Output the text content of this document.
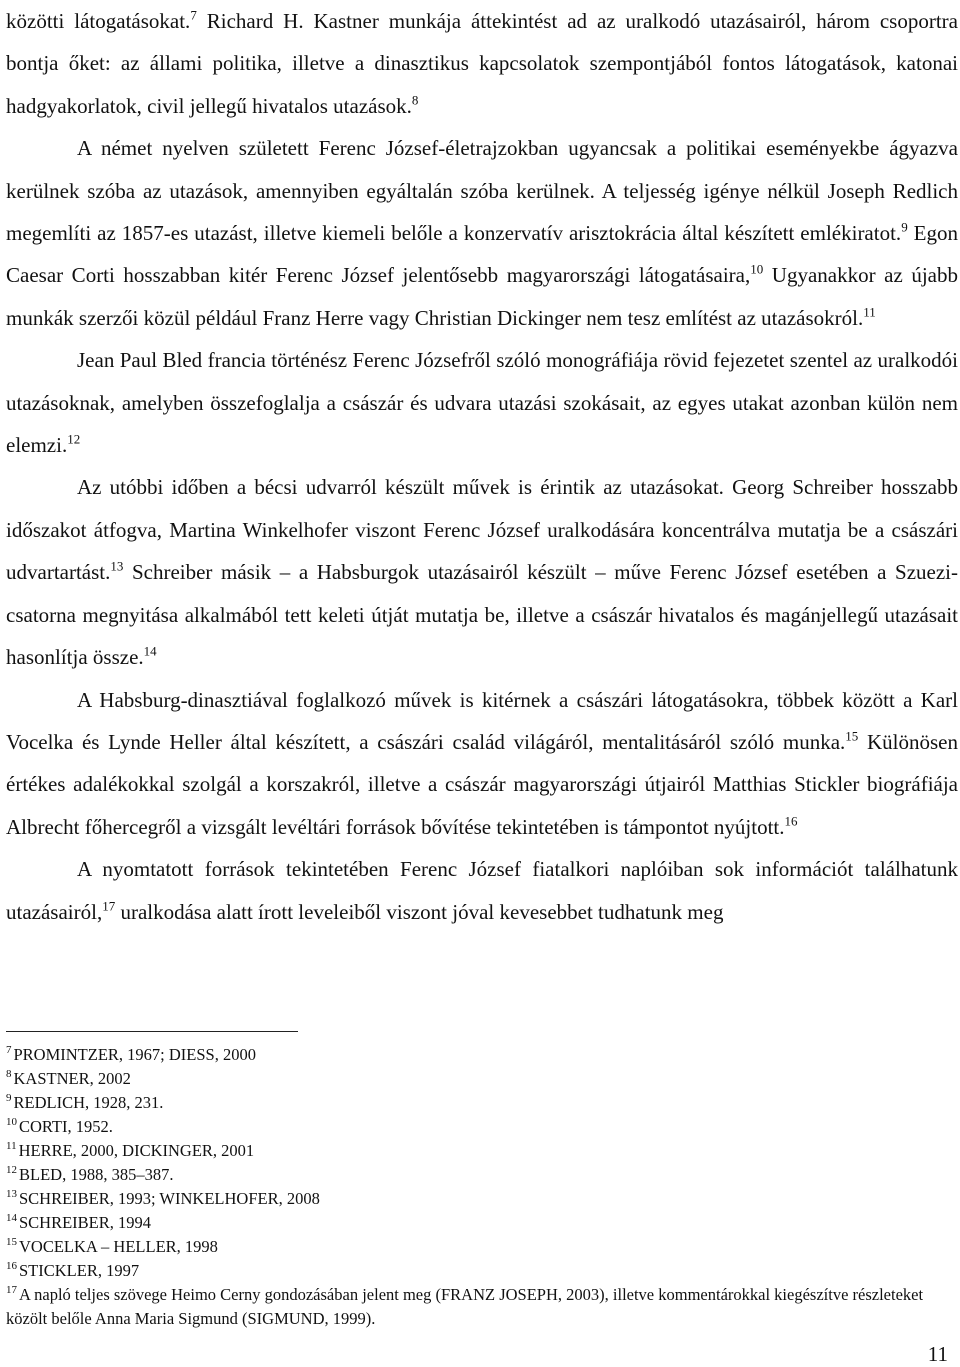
közötti látogatásokat.$^7$ Richard H. Kastner munkája áttekintést ad az uralkodó utazásairól, három csoportra bontja őket: az állami politika, illetve a dinasztikus kapcsolatok szempontjából fontos látogatások, katonai hadgyakorlatok, civil jellegű hivatalos utazások.$^8$

A német nyelven született Ferenc József-életrajzokban ugyancsak a politikai eseményekbe ágyazva kerülnek szóba az utazások, amennyiben egyáltalán szóba kerülnek. A teljesség igénye nélkül Joseph Redlich megemlíti az 1857-es utazást, illetve kiemeli belőle a konzervatív arisztokrácia által készített emlékiratot.$^9$ Egon Caesar Corti hosszabban kitér Ferenc József jelentősebb magyarországi látogatásaira,$^{10}$ Ugyanakkor az újabb munkák szerzői közül például Franz Herre vagy Christian Dickinger nem tesz említést az utazásokról.$^{11}$

Jean Paul Bled francia történész Ferenc Józsefről szóló monográfiája rövid fejezetet szentel az uralkodói utazásoknak, amelyben összefoglalja a császár és udvara utazási szokásait, az egyes utakat azonban külön nem elemzi.$^{12}$

Az utóbbi időben a bécsi udvarról készült művek is érintik az utazásokat. Georg Schreiber hosszabb időszakot átfogva, Martina Winkelhofer viszont Ferenc József uralkodására koncentrálva mutatja be a császári udvartartást.$^{13}$ Schreiber másik – a Habsburgok utazásairól készült – műve Ferenc József esetében a Szuezi-csatorna megnyitása alkalmából tett keleti útját mutatja be, illetve a császár hivatalos és magánjellegű utazásait hasonlítja össze.$^{14}$

A Habsburg-dinasztiával foglalkozó művek is kitérnek a császári látogatásokra, többek között a Karl Vocelka és Lynde Heller által készített, a császári család világáról, mentalitásáról szóló munka.$^{15}$ Különösen értékes adalékokkal szolgál a korszakról, illetve a császár magyarországi útjairól Matthias Stickler biográfiája Albrecht főhercegről a vizsgált levéltári források bővítése tekintetében is támpontot nyújtott.$^{16}$

A nyomtatott források tekintetében Ferenc József fiatalkori naplóiban sok információt találhatunk utazásairól,$^{17}$ uralkodása alatt írott leveleiből viszont jóval kevesebbet tudhatunk meg

$^7$ PROMINTZER, 1967; DIESS, 2000
$^8$ KASTNER, 2002
$^9$ REDLICH, 1928, 231.
$^{10}$ CORTI, 1952.
$^{11}$ HERRE, 2000, DICKINGER, 2001
$^{12}$ BLED, 1988, 385–387.
$^{13}$ SCHREIBER, 1993; WINKELHOFER, 2008
$^{14}$ SCHREIBER, 1994
$^{15}$ VOCELKA – HELLER, 1998
$^{16}$ STICKLER, 1997
$^{17}$ A napló teljes szövege Heimo Cerny gondozásában jelent meg (FRANZ JOSEPH, 2003), illetve kommentárokkal kiegészítve részleteket közölt belőle Anna Maria Sigmund (SIGMUND, 1999).
11
